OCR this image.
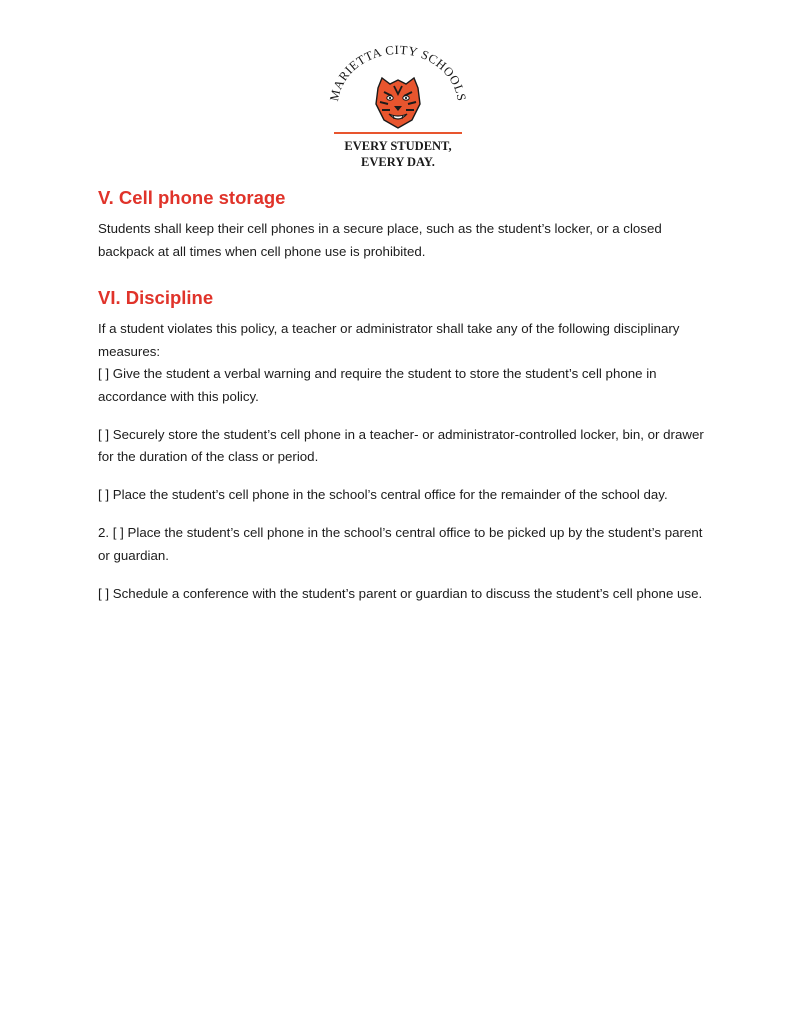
MARIETTA CITY SCHOOLS
EVERY STUDENT,
EVERY DAY.
V. Cell phone storage

Students shall keep their cell phones in a secure place, such as the student’s locker, or a closed backpack at all times when cell phone use is prohibited.

VI. Discipline

If a student violates this policy, a teacher or administrator shall take any of the following disciplinary measures:

[ ] Give the student a verbal warning and require the student to store the student’s cell phone in accordance with this policy.

[ ] Securely store the student’s cell phone in a teacher- or administrator-controlled locker, bin, or drawer for the duration of the class or period.

[ ] Place the student’s cell phone in the school’s central office for the remainder of the school day.

2. [ ] Place the student’s cell phone in the school’s central office to be picked up by the student’s parent or guardian.

[ ] Schedule a conference with the student’s parent or guardian to discuss the student’s cell phone use.
